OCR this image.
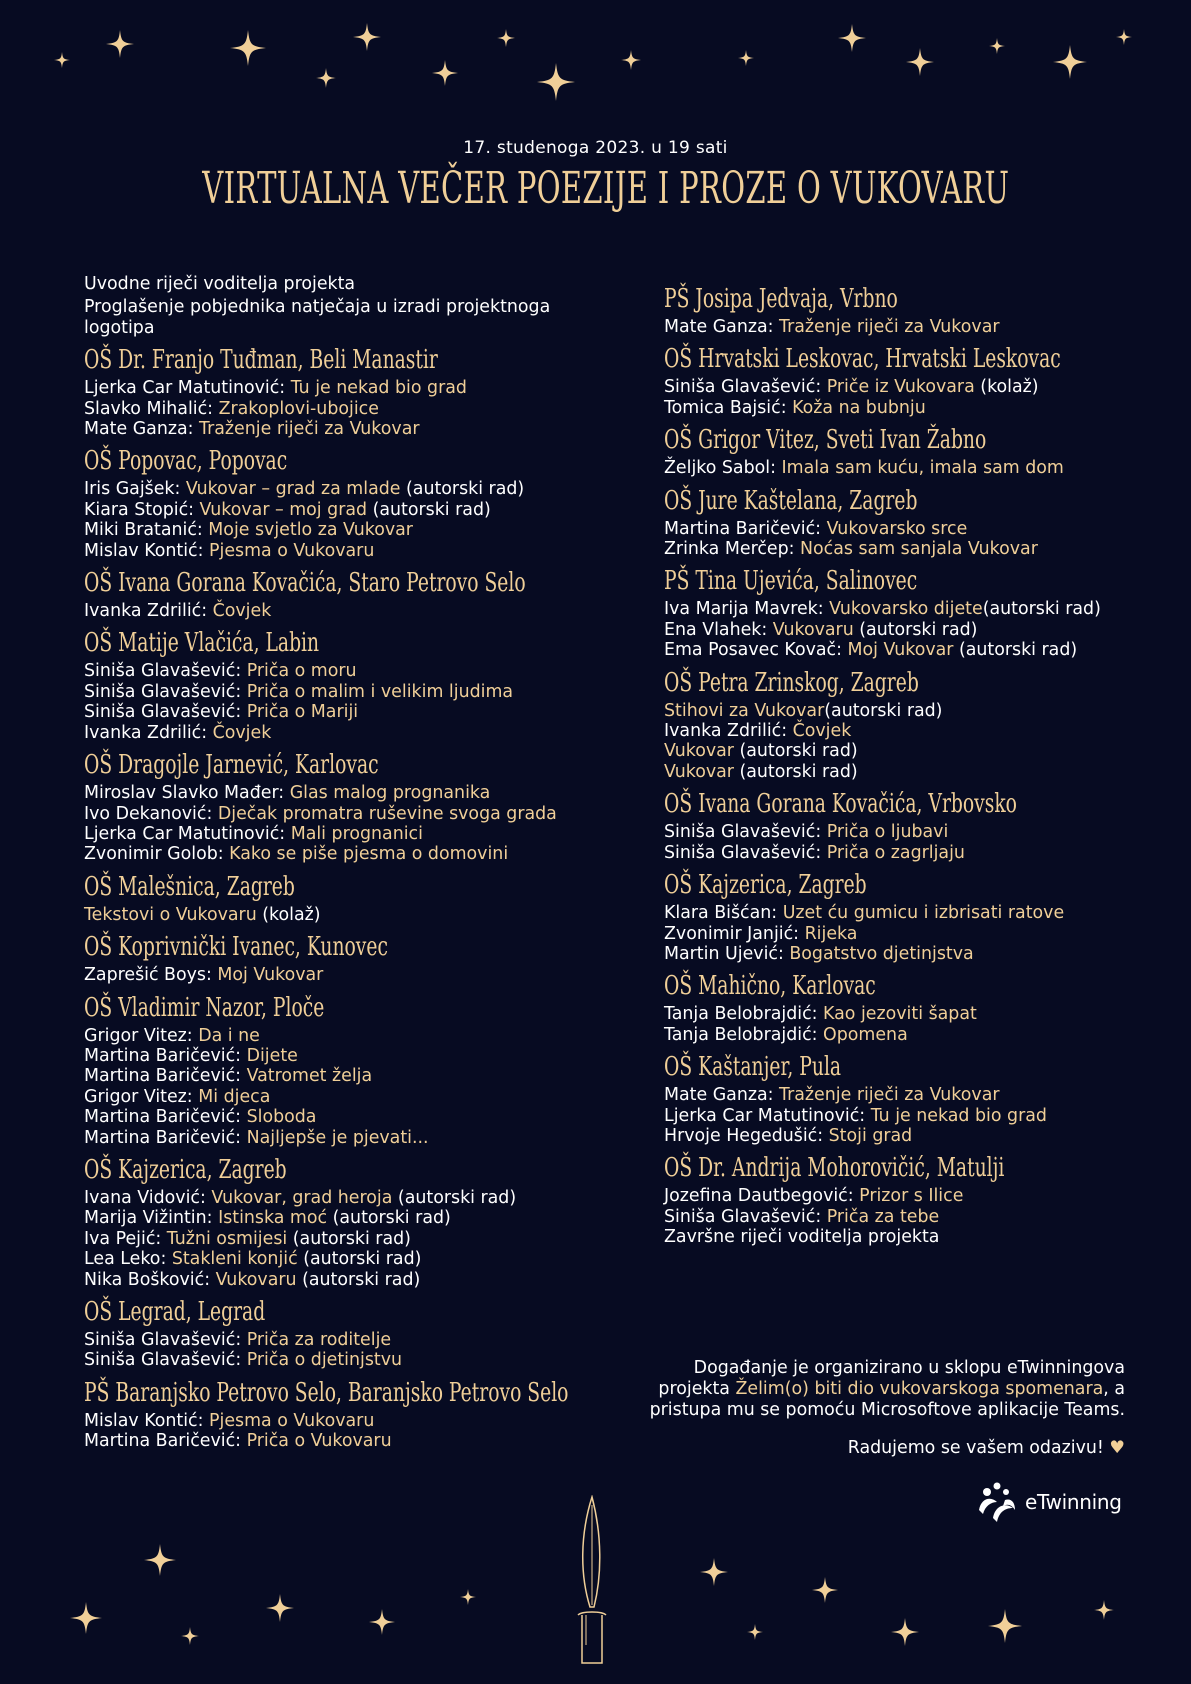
17. studenoga 2023. u 19 sati
VIRTUALNA VEČER POEZIJE I PROZE O VUKOVARU
Uvodne riječi voditelja projekta
Proglašenje pobjednika natječaja u izradi projektnoga logotipa
OŠ Dr. Franjo Tuđman, Beli Manastir
Ljerka Car Matutinović: Tu je nekad bio grad
Slavko Mihalić: Zrakoplovi-ubojice
Mate Ganza: Traženje riječi za Vukovar
OŠ Popovac, Popovac
Iris Gajšek: Vukovar – grad za mlade (autorski rad)
Kiara Stopić: Vukovar – moj grad (autorski rad)
Miki Bratanić: Moje svjetlo za Vukovar
Mislav Kontić: Pjesma o Vukovaru
OŠ Ivana Gorana Kovačića, Staro Petrovo Selo
Ivanka Zdrilić: Čovjek
OŠ Matije Vlačića, Labin
Siniša Glavašević: Priča o moru
Siniša Glavašević: Priča o malim i velikim ljudima
Siniša Glavašević: Priča o Mariji
Ivanka Zdrilić: Čovjek
OŠ Dragojle Jarnević, Karlovac
Miroslav Slavko Mađer: Glas malog prognanika
Ivo Dekanović: Dječak promatra ruševine svoga grada
Ljerka Car Matutinović: Mali prognanici
Zvonimir Golob: Kako se piše pjesma o domovini
OŠ Malešnica, Zagreb
Tekstovi o Vukovaru (kolaž)
OŠ Koprivnički Ivanec, Kunovec
Zaprešić Boys: Moj Vukovar
OŠ Vladimir Nazor, Ploče
Grigor Vitez: Da i ne
Martina Baričević: Dijete
Martina Baričević: Vatromet želja
Grigor Vitez: Mi djeca
Martina Baričević: Sloboda
Martina Baričević: Najljepše je pjevati...
OŠ Kajzerica, Zagreb
Ivana Vidović: Vukovar, grad heroja (autorski rad)
Marija Vižintin: Istinska moć (autorski rad)
Iva Pejić: Tužni osmijesi (autorski rad)
Lea Leko: Stakleni konjić (autorski rad)
Nika Bošković: Vukovaru (autorski rad)
OŠ Legrad, Legrad
Siniša Glavašević: Priča za roditelje
Siniša Glavašević: Priča o djetinjstvu
PŠ Baranjsko Petrovo Selo, Baranjsko Petrovo Selo
Mislav Kontić: Pjesma o Vukovaru
Martina Baričević: Priča o Vukovaru
PŠ Josipa Jedvaja, Vrbno
Mate Ganza: Traženje riječi za Vukovar
OŠ Hrvatski Leskovac, Hrvatski Leskovac
Siniša Glavašević: Priče iz Vukovara (kolaž)
Tomica Bajsić: Koža na bubnju
OŠ Grigor Vitez, Sveti Ivan Žabno
Željko Sabol: Imala sam kuću, imala sam dom
OŠ Jure Kaštelana, Zagreb
Martina Baričević: Vukovarsko srce
Zrinka Merčep: Noćas sam sanjala Vukovar
PŠ Tina Ujevića, Salinovec
Iva Marija Mavrek: Vukovarsko dijete(autorski rad)
Ena Vlahek: Vukovaru (autorski rad)
Ema Posavec Kovač: Moj Vukovar (autorski rad)
OŠ Petra Zrinskog, Zagreb
Stihovi za Vukovar(autorski rad)
Ivanka Zdrilić: Čovjek
Vukovar (autorski rad)
Vukovar (autorski rad)
OŠ Ivana Gorana Kovačića, Vrbovsko
Siniša Glavašević: Priča o ljubavi
Siniša Glavašević: Priča o zagrljaju
OŠ Kajzerica, Zagreb
Klara Bišćan: Uzet ću gumicu i izbrisati ratove
Zvonimir Janjić: Rijeka
Martin Ujević: Bogatstvo djetinjstva
OŠ Mahično, Karlovac
Tanja Belobrajdić: Kao jezoviti šapat
Tanja Belobrajdić: Opomena
OŠ Kaštanjer, Pula
Mate Ganza: Traženje riječi za Vukovar
Ljerka Car Matutinović: Tu je nekad bio grad
Hrvoje Hegedušić: Stoji grad
OŠ Dr. Andrija Mohorovičić, Matulji
Jozefina Dautbegović: Prizor s Ilice
Siniša Glavašević: Priča za tebe
Završne riječi voditelja projekta
Događanje je organizirano u sklopu eTwinningova
projekta Želim(o) biti dio vukovarskoga spomenara, a
pristupa mu se pomoću Microsoftove aplikacije Teams.
Radujemo se vašem odazivu! ♥
eTwinning
